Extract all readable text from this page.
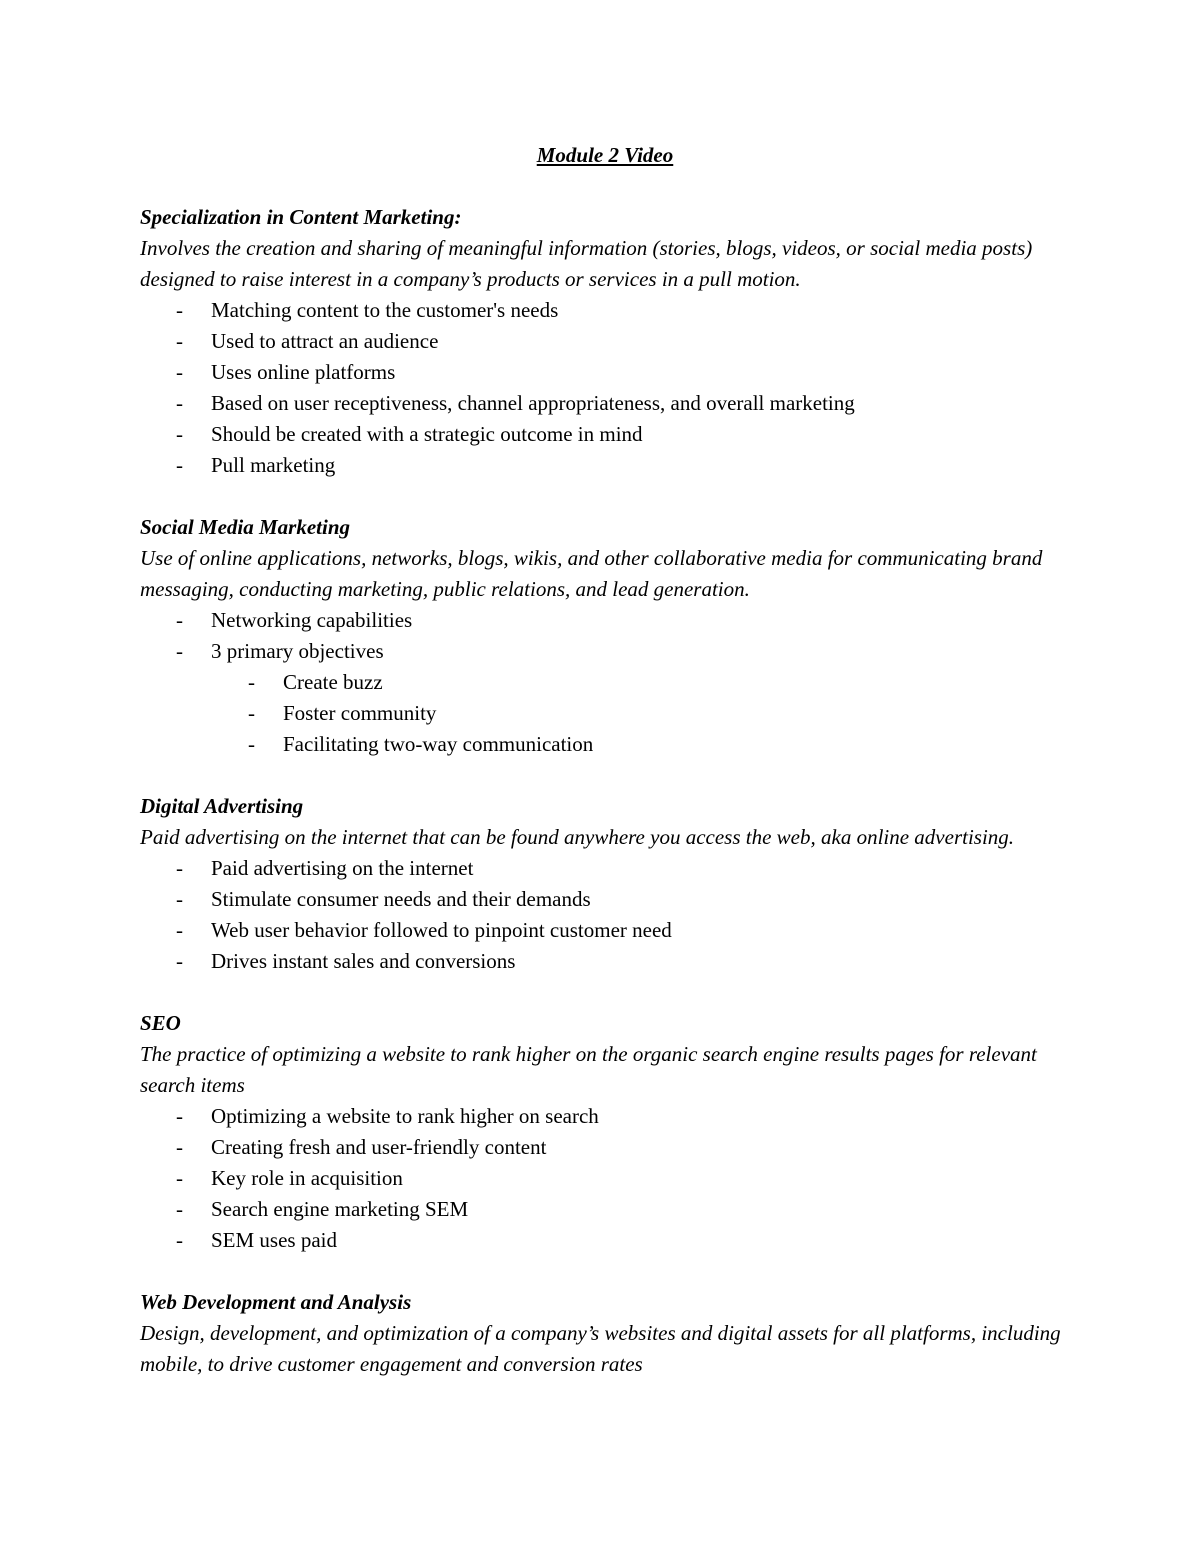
Module 2 Video
Specialization in Content Marketing:
Involves the creation and sharing of meaningful information (stories, blogs, videos, or social media posts) designed to raise interest in a company’s products or services in a pull motion.
- Matching content to the customer's needs
- Used to attract an audience
- Uses online platforms
- Based on user receptiveness, channel appropriateness, and overall marketing
- Should be created with a strategic outcome in mind
- Pull marketing
Social Media Marketing
Use of online applications, networks, blogs, wikis, and other collaborative media for communicating brand messaging, conducting marketing, public relations, and lead generation.
- Networking capabilities
- 3 primary objectives
- Create buzz
- Foster community
- Facilitating two-way communication
Digital Advertising
Paid advertising on the internet that can be found anywhere you access the web, aka online advertising.
- Paid advertising on the internet
- Stimulate consumer needs and their demands
- Web user behavior followed to pinpoint customer need
- Drives instant sales and conversions
SEO
The practice of optimizing a website to rank higher on the organic search engine results pages for relevant search items
- Optimizing a website to rank higher on search
- Creating fresh and user-friendly content
- Key role in acquisition
- Search engine marketing SEM
- SEM uses paid
Web Development and Analysis
Design, development, and optimization of a company’s websites and digital assets for all platforms, including mobile, to drive customer engagement and conversion rates
